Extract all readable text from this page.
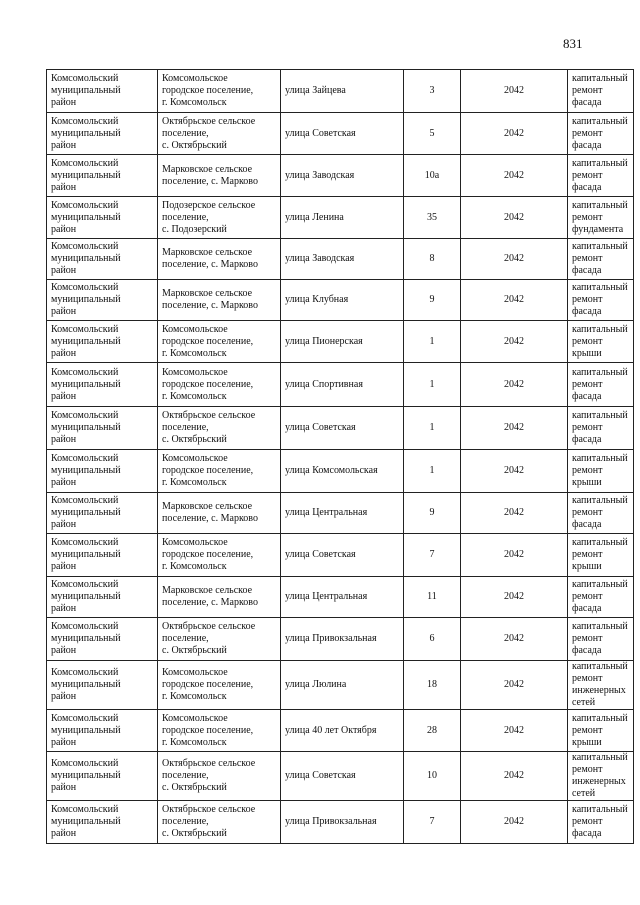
831
Комсомольский
муниципальный
район	Комсомольское
городское поселение,
г. Комсомольск	улица Зайцева	3	2042	капитальный
ремонт фасада

Комсомольский
муниципальный
район	Октябрьское сельское
поселение,
с. Октябрьский	улица Советская	5	2042	капитальный
ремонт фасада

Комсомольский
муниципальный
район	Марковское сельское
поселение, с. Марково	улица Заводская	10а	2042	капитальный
ремонт фасада

Комсомольский
муниципальный
район	Подозерское сельское
поселение,
с. Подозерский	улица Ленина	35	2042	капитальный
ремонт
фундамента

Комсомольский
муниципальный
район	Марковское сельское
поселение, с. Марково	улица Заводская	8	2042	капитальный
ремонт фасада

Комсомольский
муниципальный
район	Марковское сельское
поселение, с. Марково	улица Клубная	9	2042	капитальный
ремонт фасада

Комсомольский
муниципальный
район	Комсомольское
городское поселение,
г. Комсомольск	улица Пионерская	1	2042	капитальный
ремонт крыши

Комсомольский
муниципальный
район	Комсомольское
городское поселение,
г. Комсомольск	улица Спортивная	1	2042	капитальный
ремонт фасада

Комсомольский
муниципальный
район	Октябрьское сельское
поселение,
с. Октябрьский	улица Советская	1	2042	капитальный
ремонт фасада

Комсомольский
муниципальный
район	Комсомольское
городское поселение,
г. Комсомольск	улица Комсомольская	1	2042	капитальный
ремонт крыши

Комсомольский
муниципальный
район	Марковское сельское
поселение, с. Марково	улица Центральная	9	2042	капитальный
ремонт фасада

Комсомольский
муниципальный
район	Комсомольское
городское поселение,
г. Комсомольск	улица Советская	7	2042	капитальный
ремонт крыши

Комсомольский
муниципальный
район	Марковское сельское
поселение, с. Марково	улица Центральная	11	2042	капитальный
ремонт фасада

Комсомольский
муниципальный
район	Октябрьское сельское
поселение,
с. Октябрьский	улица Привокзальная	6	2042	капитальный
ремонт фасада

Комсомольский
муниципальный
район	Комсомольское
городское поселение,
г. Комсомольск	улица Люлина	18	2042	капитальный
ремонт
инженерных
сетей

Комсомольский
муниципальный
район	Комсомольское
городское поселение,
г. Комсомольск	улица 40 лет Октября	28	2042	капитальный
ремонт крыши

Комсомольский
муниципальный
район	Октябрьское сельское
поселение,
с. Октябрьский	улица Советская	10	2042	капитальный
ремонт
инженерных
сетей

Комсомольский
муниципальный
район	Октябрьское сельское
поселение,
с. Октябрьский	улица Привокзальная	7	2042	капитальный
ремонт фасада
